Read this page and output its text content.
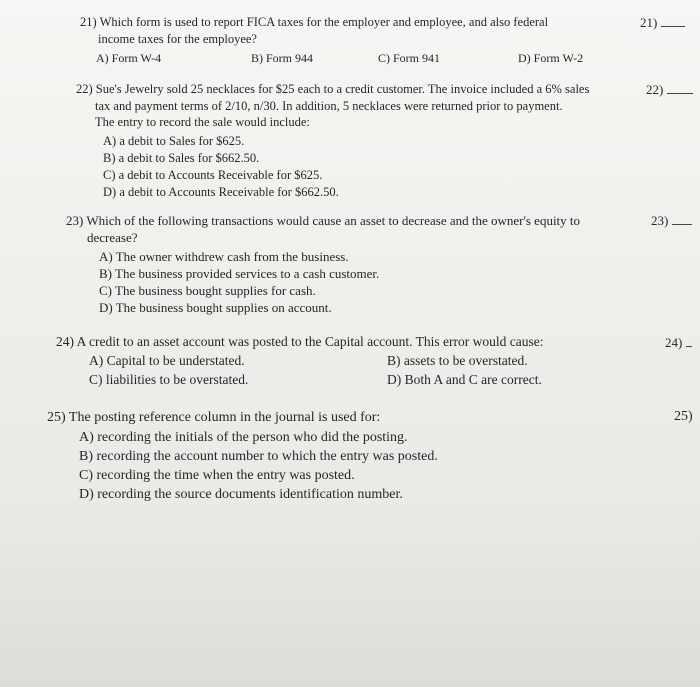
21) Which form is used to report FICA taxes for the employer and employee, and also federal
income taxes for the employee?
A) Form W-4	B) Form 944	C) Form 941	D) Form W-2
21)
22) Sue's Jewelry sold 25 necklaces for $25 each to a credit customer. The invoice included a 6% sales
tax and payment terms of 2/10, n/30. In addition, 5 necklaces were returned prior to payment.
The entry to record the sale would include:
A) a debit to Sales for $625.
B) a debit to Sales for $662.50.
C) a debit to Accounts Receivable for $625.
D) a debit to Accounts Receivable for $662.50.
22)
23) Which of the following transactions would cause an asset to decrease and the owner's equity to
decrease?
A) The owner withdrew cash from the business.
B) The business provided services to a cash customer.
C) The business bought supplies for cash.
D) The business bought supplies on account.
23)
24) A credit to an asset account was posted to the Capital account. This error would cause:
A) Capital to be understated.	B) assets to be overstated.
C) liabilities to be overstated.	D) Both A and C are correct.
24)
25) The posting reference column in the journal is used for:
A) recording the initials of the person who did the posting.
B) recording the account number to which the entry was posted.
C) recording the time when the entry was posted.
D) recording the source documents identification number.
25)
